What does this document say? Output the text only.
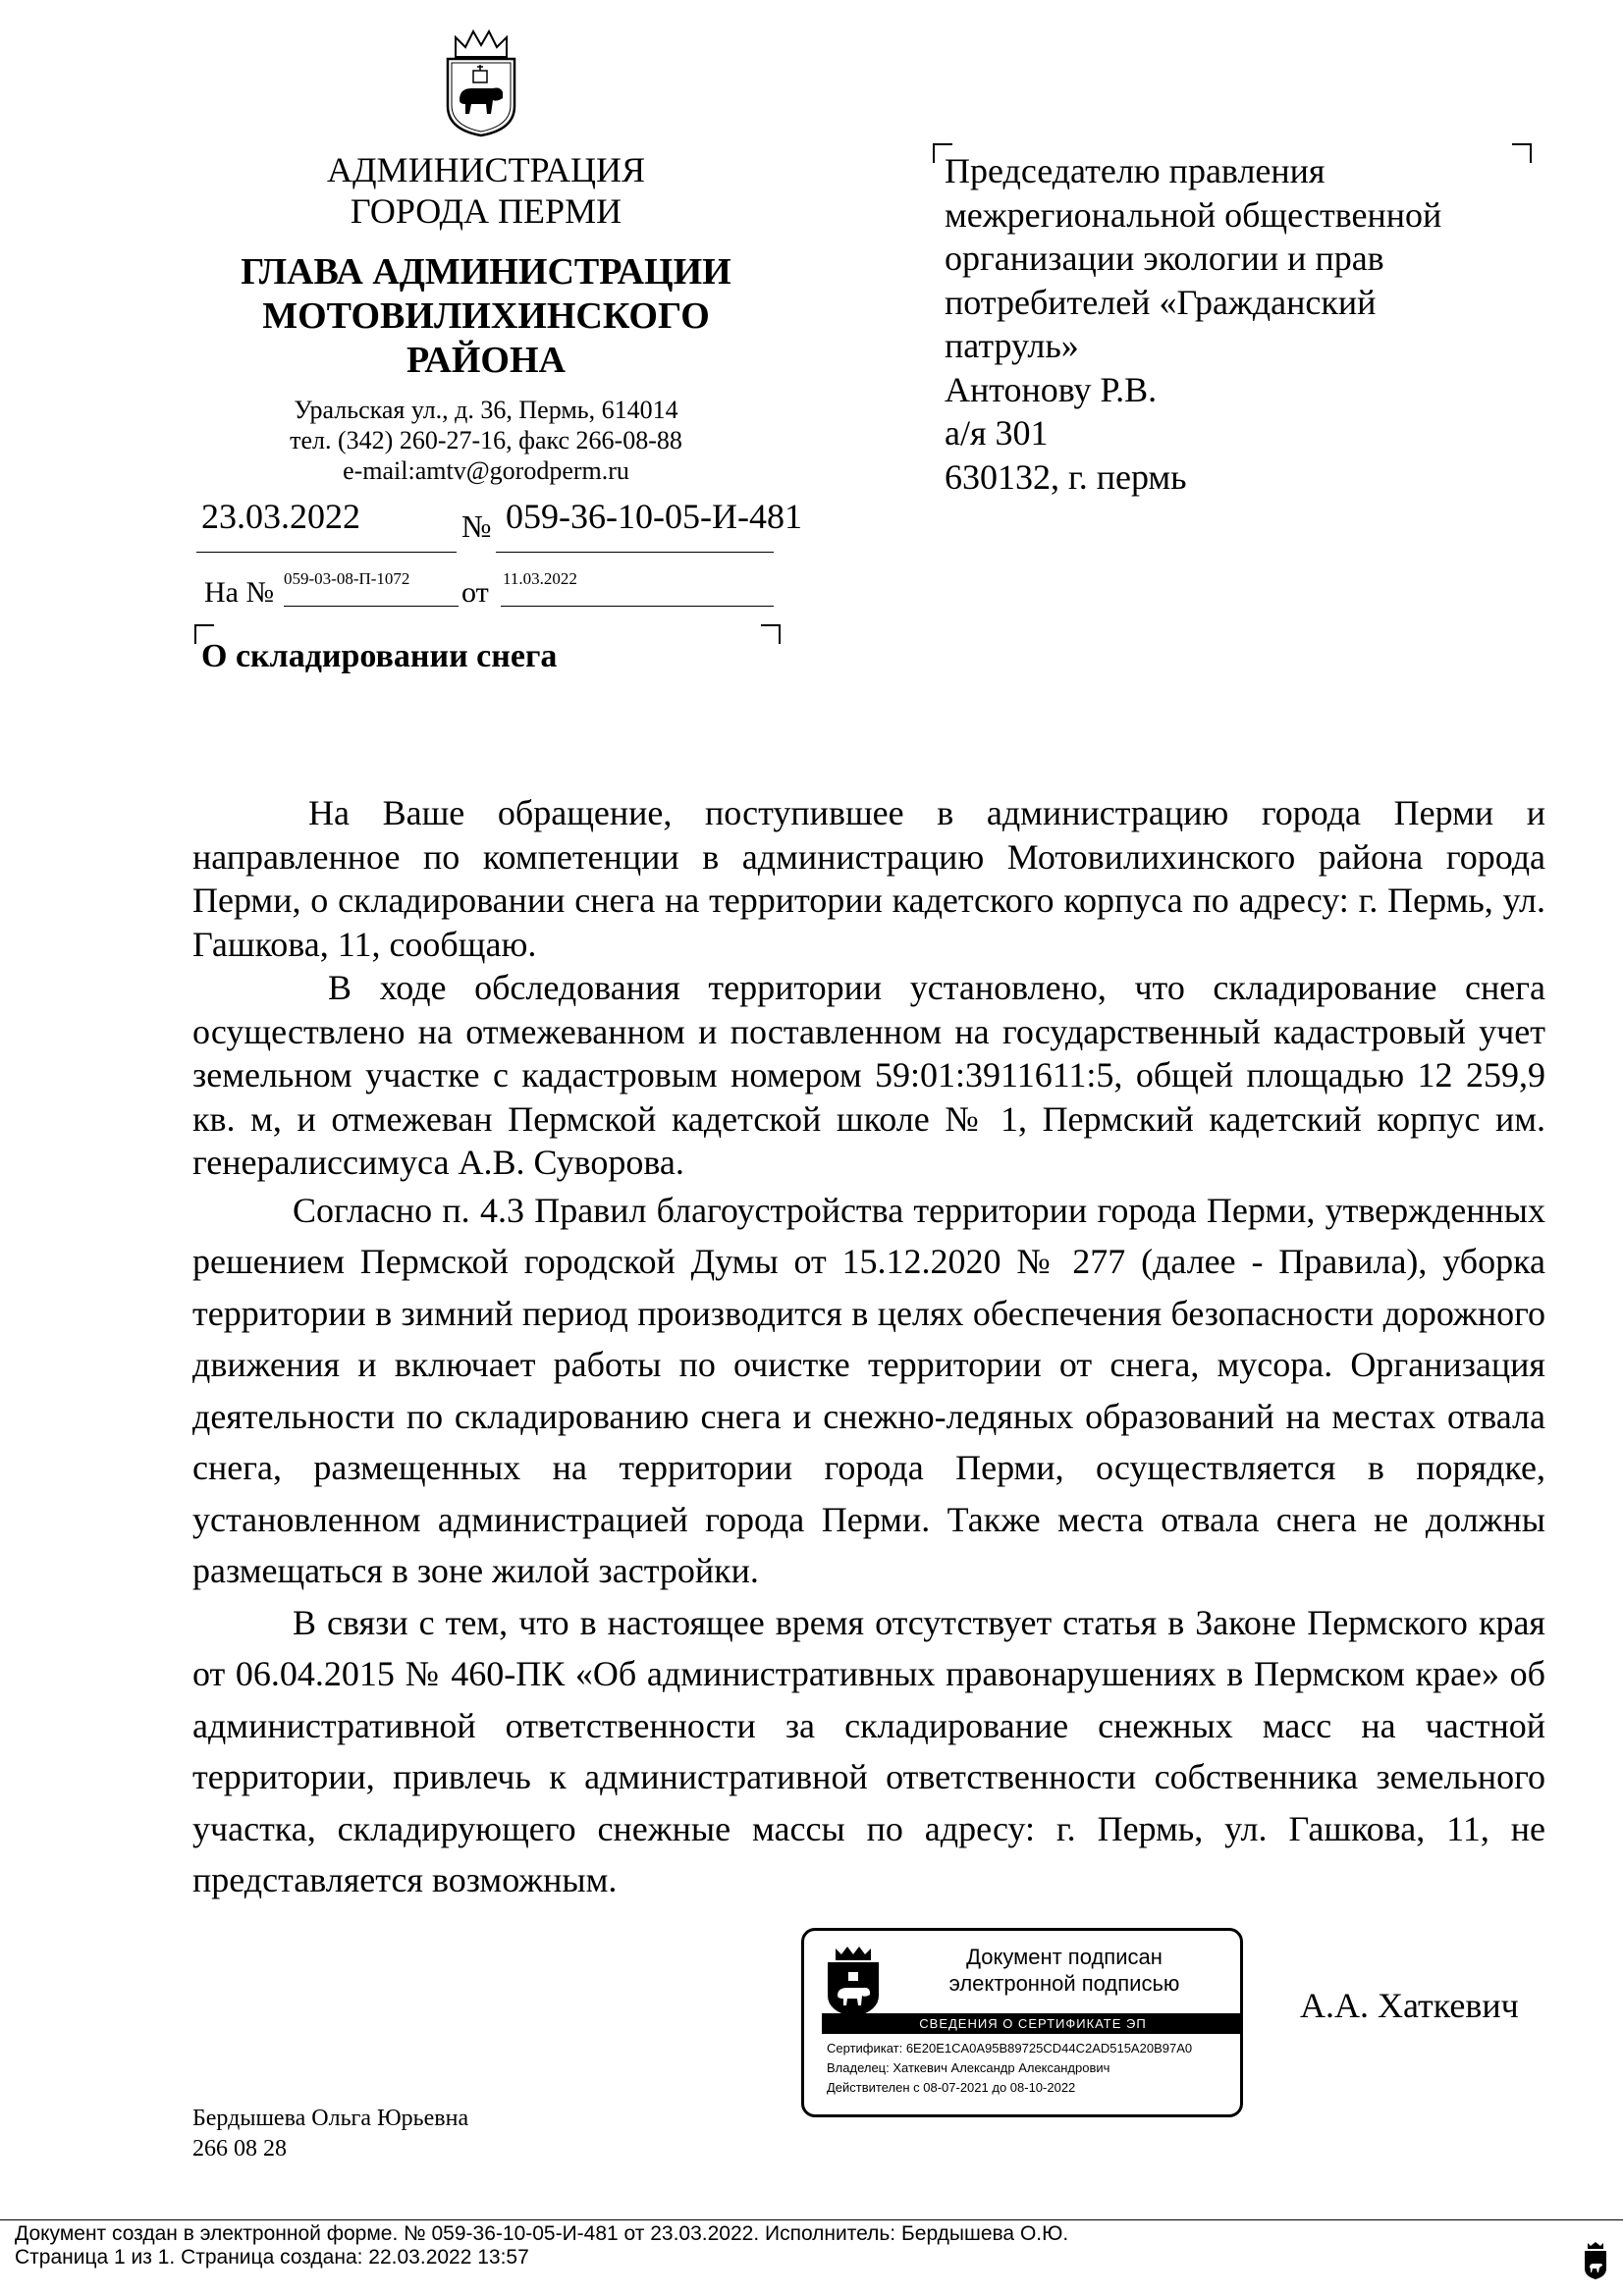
АДМИНИСТРАЦИЯ
ГОРОДА ПЕРМИ
ГЛАВА АДМИНИСТРАЦИИ
МОТОВИЛИХИНСКОГО
РАЙОНА
Уральская ул., д. 36, Пермь, 614014
тел. (342) 260-27-16, факс 266-08-88
e-mail:amtv@gorodperm.ru
23.03.2022	№ 059-36-10-05-И-481
На № 059-03-08-П-1072 от 11.03.2022
О складировании снега
Председателю правления
межрегиональной общественной
организации экологии и прав
потребителей «Гражданский
патруль»
Антонову Р.В.
а/я 301
630132, г. пермь

На Ваше обращение, поступившее в администрацию города Перми и направленное по компетенции в администрацию Мотовилихинского района города Перми, о складировании снега на территории кадетского корпуса по адресу: г. Пермь, ул. Гашкова, 11, сообщаю.

В ходе обследования территории установлено, что складирование снега осуществлено на отмежеванном и поставленном на государственный кадастровый учет земельном участке с кадастровым номером 59:01:3911611:5, общей площадью 12 259,9 кв. м, и отмежеван Пермской кадетской школе № 1, Пермский кадетский корпус им. генералиссимуса А.В. Суворова.

Согласно п. 4.3 Правил благоустройства территории города Перми, утвержденных решением Пермской городской Думы от 15.12.2020 № 277 (далее - Правила), уборка территории в зимний период производится в целях обеспечения безопасности дорожного движения и включает работы по очистке территории от снега, мусора. Организация деятельности по складированию снега и снежно-ледяных образований на местах отвала снега, размещенных на территории города Перми, осуществляется в порядке, установленном администрацией города Перми. Также места отвала снега не должны размещаться в зоне жилой застройки.

В связи с тем, что в настоящее время отсутствует статья в Законе Пермского края от 06.04.2015 № 460-ПК «Об административных правонарушениях в Пермском крае» об административной ответственности за складирование снежных масс на частной территории, привлечь к административной ответственности собственника земельного участка, складирующего снежные массы по адресу: г. Пермь, ул. Гашкова, 11, не представляется возможным.

Документ подписан
электронной подписью
СВЕДЕНИЯ О СЕРТИФИКАТЕ ЭП
Сертификат: 6E20E1CA0A95B89725CD44C2AD515A20B97A0
Владелец: Хаткевич Александр Александрович
Действителен с 08-07-2021 до 08-10-2022
А.А. Хаткевич
Бердышева Ольга Юрьевна
266 08 28
Документ создан в электронной форме. № 059-36-10-05-И-481 от 23.03.2022. Исполнитель: Бердышева О.Ю.
Страница 1 из 1. Страница создана: 22.03.2022 13:57
